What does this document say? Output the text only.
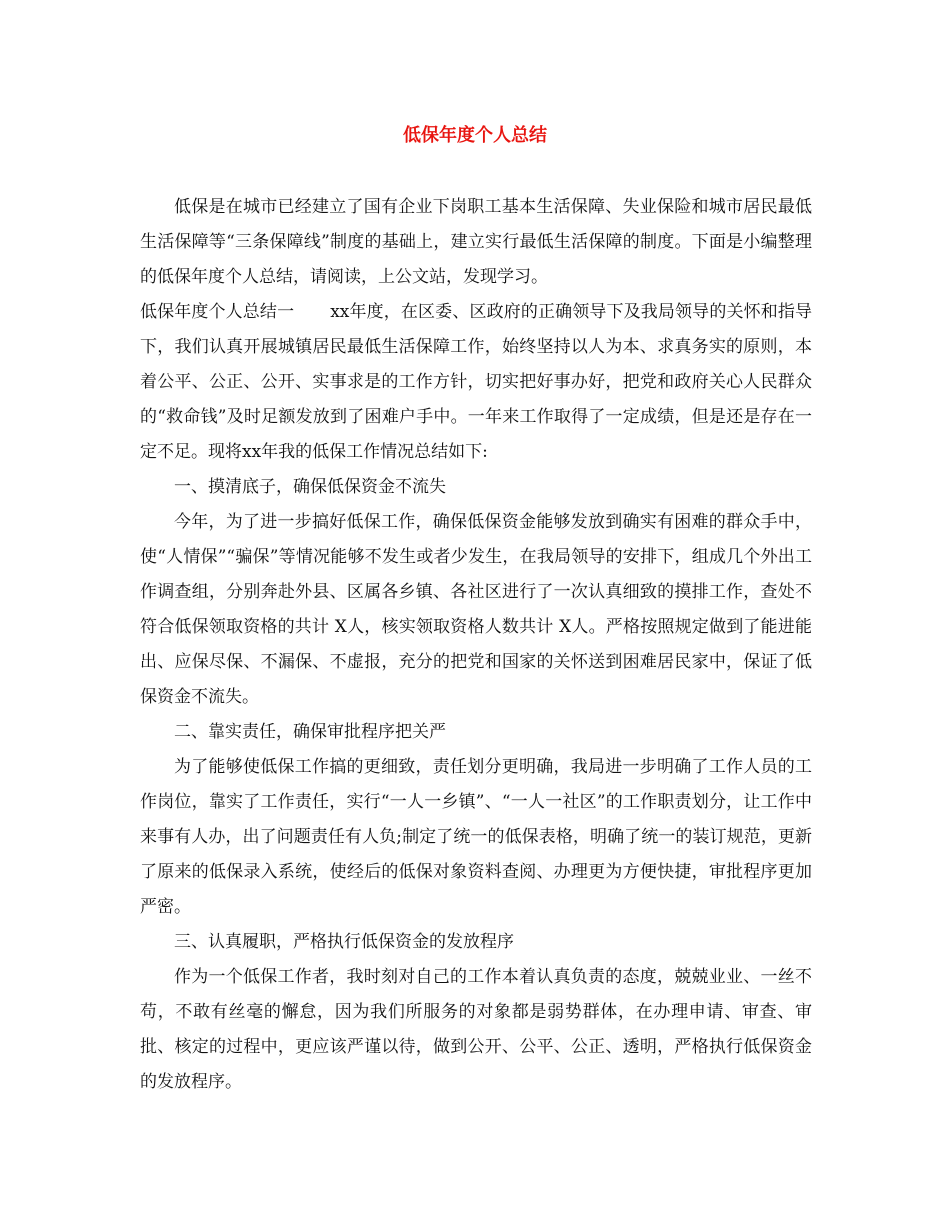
低保年度个人总结

低保是在城市已经建立了国有企业下岗职工基本生活保障、失业保险和城市居民最低生活保障等“三条保障线”制度的基础上，建立实行最低生活保障的制度。下面是小编整理的低保年度个人总结，请阅读，上公文站，发现学习。

低保年度个人总结一 xx年度，在区委、区政府的正确领导下及我局领导的关怀和指导下，我们认真开展城镇居民最低生活保障工作，始终坚持以人为本、求真务实的原则，本着公平、公正、公开、实事求是的工作方针，切实把好事办好，把党和政府关心人民群众的“救命钱”及时足额发放到了困难户手中。一年来工作取得了一定成绩，但是还是存在一定不足。现将xx年我的低保工作情况总结如下:

一、摸清底子，确保低保资金不流失

今年，为了进一步搞好低保工作，确保低保资金能够发放到确实有困难的群众手中，使“人情保”“骗保”等情况能够不发生或者少发生，在我局领导的安排下，组成几个外出工作调查组，分别奔赴外县、区属各乡镇、各社区进行了一次认真细致的摸排工作，查处不符合低保领取资格的共计 X人，核实领取资格人数共计 X人。严格按照规定做到了能进能出、应保尽保、不漏保、不虚报，充分的把党和国家的关怀送到困难居民家中，保证了低保资金不流失。

二、靠实责任，确保审批程序把关严

为了能够使低保工作搞的更细致，责任划分更明确，我局进一步明确了工作人员的工作岗位，靠实了工作责任，实行“一人一乡镇”、“一人一社区”的工作职责划分，让工作中来事有人办，出了问题责任有人负;制定了统一的低保表格，明确了统一的装订规范，更新了原来的低保录入系统，使经后的低保对象资料查阅、办理更为方便快捷，审批程序更加严密。

三、认真履职，严格执行低保资金的发放程序

作为一个低保工作者，我时刻对自己的工作本着认真负责的态度，兢兢业业、一丝不苟，不敢有丝毫的懈怠，因为我们所服务的对象都是弱势群体，在办理申请、审查、审批、核定的过程中，更应该严谨以待，做到公开、公平、公正、透明，严格执行低保资金的发放程序。
